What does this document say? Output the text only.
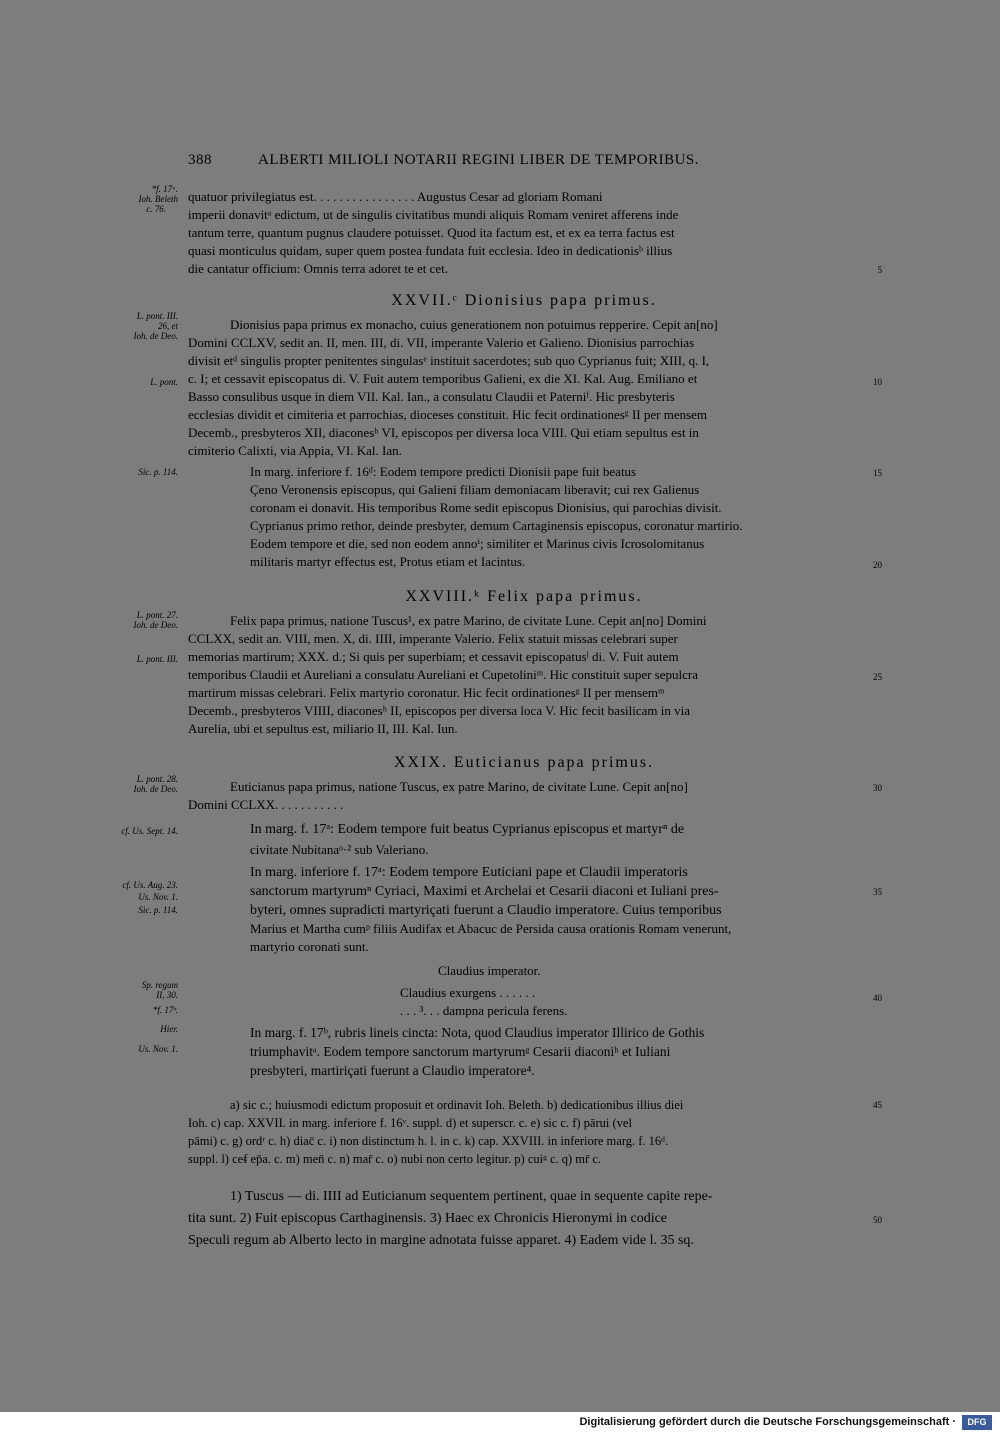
388	ALBERTI MILIOLI NOTARII REGINI LIBER DE TEMPORIBUS.
*f. 17ᵃ.
Ioh. Beleth
c. 76.
L. pont. III.
26, et
Ioh. de Deo.
L. pont.
Sic. p. 114.
L. pont. 27.
Ioh. de Deo.
L. pont. III.
L. pont. 28.
Ioh. de Deo.
cf. Us. Sept. 14.
cf. Us. Aug. 23.
Us. Nov. 1.
Sic. p. 114.
Sp. regum
II, 30.
*f. 17ᵇ.
Hier.
Us. Nov. 1.
5
10
15
20
25
30
35
40
45
50
quatuor privilegiatus est. . . . . . . . . . . . . . . . Augustus Cesar ad gloriam Romani
imperii donavitᵃ edictum, ut de singulis civitatibus mundi aliquis Romam veniret afferens inde
tantum terre, quantum pugnus claudere potuisset. Quod ita factum est, et ex ea terra factus est
quasi monticulus quidam, super quem postea fundata fuit ecclesia. Ideo in dedicationisᵇ illius
die cantatur officium: Omnis terra adoret te et cet.
XXVII.ᶜ Dionisius papa primus.
Dionisius papa primus ex monacho, cuius generationem non potuimus repperire. Cepit an[no]
Domini CCLXV, sedit an. II, men. III, di. VII, imperante Valerio et Galieno. Dionisius parrochias
divisit etᵈ singulis propter penitentes singulasᵉ instituit sacerdotes; sub quo Cyprianus fuit; XIII, q. I,
c. I; et cessavit episcopatus di. V. Fuit autem temporibus Galieni, ex die XI. Kal. Aug. Emiliano et
Basso consulibus usque in diem VII. Kal. Ian., a consulatu Claudii et Paterniᶠ. Hic presbyteris
ecclesias dividit et cimiteria et parrochias, dioceses constituit. Hic fecit ordinationesᵍ II per mensem
Decemb., presbyteros XII, diaconesʰ VI, episcopos per diversa loca VIII. Qui etiam sepultus est in
cimiterio Calixti, via Appia, VI. Kal. Ian.
In marg. inferiore f. 16ᵈ: Eodem tempore predicti Dionisii pape fuit beatus
Çeno Veronensis episcopus, qui Galieni filiam demoniacam liberavit; cui rex Galienus
coronam ei donavit. His temporibus Rome sedit episcopus Dionisius, qui parochias divisit.
Cyprianus primo rethor, deinde presbyter, demum Cartaginensis episcopus, coronatur martirio.
Eodem tempore et die, sed non eodem annoⁱ; similiter et Marinus civis Icrosolomitanus
militaris martyr effectus est, Protus etiam et Iacintus.
XXVIII.ᵏ Felix papa primus.
Felix papa primus, natione Tuscus¹, ex patre Marino, de civitate Lune. Cepit an[no] Domini
CCLXX, sedit an. VIII, men. X, di. IIII, imperante Valerio. Felix statuit missas celebrari super
memorias martirum; XXX. d.; Si quis per superbiam; et cessavit episcopatusˡ di. V. Fuit autem
temporibus Claudii et Aureliani a consulatu Aureliani et Cupetoliniᵐ. Hic constituit super sepulcra
martirum missas celebrari. Felix martyrio coronatur. Hic fecit ordinationesᵍ II per mensemᵐ
Decemb., presbyteros VIIII, diaconesʰ II, episcopos per diversa loca V. Hic fecit basilicam in via
Aurelia, ubi et sepultus est, miliario II, III. Kal. Iun.
XXIX. Euticianus papa primus.
Euticianus papa primus, natione Tuscus, ex patre Marino, de civitate Lune. Cepit an[no]
Domini CCLXX. . . . . . . . . . .
In marg. f. 17ᵃ: Eodem tempore fuit beatus Cyprianus episcopus et martyrⁿ de
civitate Nubitanaᵒ·² sub Valeriano.
In marg. inferiore f. 17ᵃ: Eodem tempore Euticiani pape et Claudii imperatoris
sanctorum martyrumⁿ Cyriaci, Maximi et Archelai et Cesarii diaconi et Iuliani pres-
byteri, omnes supradicti martyriçati fuerunt a Claudio imperatore. Cuius temporibus
Marius et Martha cumᵖ filiis Audifax et Abacuc de Persida causa orationis Romam venerunt,
martyrio coronati sunt.
Claudius imperator.
Claudius exurgens . . . . . .
. . . ³. . . dampna pericula ferens.
In marg. f. 17ᵇ, rubris lineis cincta: Nota, quod Claudius imperator Illirico de Gothis
triumphavitᵃ. Eodem tempore sanctorum martyrumᵍ Cesarii diaconiʰ et Iuliani
presbyteri, martiriçati fuerunt a Claudio imperatore⁴.
a) sic c.; huiusmodi edictum proposuit et ordinavit Ioh. Beleth. b) dedicationibus illius diei
Ioh. c) cap. XXVII. in marg. inferiore f. 16ᵛ. suppl. d) et superscr. c. e) sic c. f) pārui (vel
pāmi) c. g) ordʳ c. h) diac̄ c. i) non distinctum h. l. in c. k) cap. XXVIII. in inferiore marg. f. 16ᵈ.
suppl. l) ceᵮ ep̄a. c. m) men̄ c. n) mar̄ c. o) nubi non certo legitur. p) cuiᵍ c. q) mr̄ c.
1) Tuscus — di. IIII ad Euticianum sequentem pertinent, quae in sequente capite repe-
tita sunt. 2) Fuit episcopus Carthaginensis. 3) Haec ex Chronicis Hieronymi in codice
Speculi regum ab Alberto lecto in margine adnotata fuisse apparet. 4) Eadem vide l. 35 sq.
Digitalisierung gefördert durch die Deutsche Forschungsgemeinschaft ·	DFG
